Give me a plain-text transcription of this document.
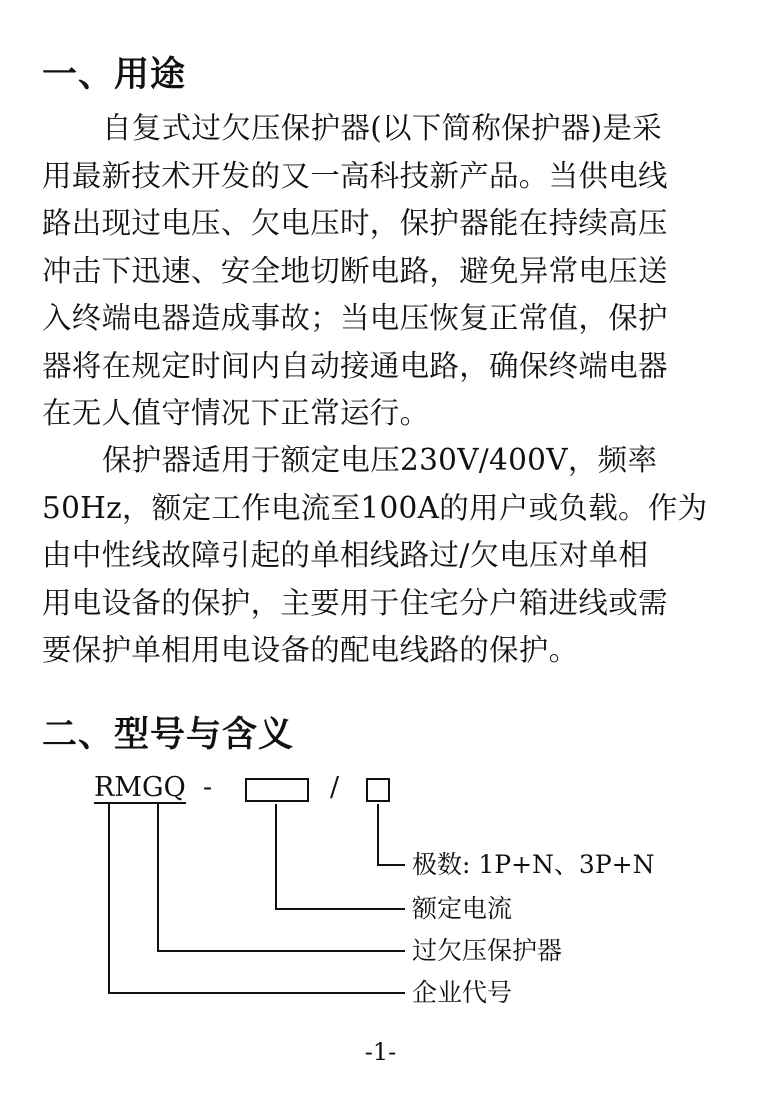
一、用途
自复式过欠压保护器(以下简称保护器)是采
用最新技术开发的又一高科技新产品。当供电线
路出现过电压、欠电压时，保护器能在持续高压
冲击下迅速、安全地切断电路，避免异常电压送
入终端电器造成事故；当电压恢复正常值，保护
器将在规定时间内自动接通电路，确保终端电器
在无人值守情况下正常运行。
保护器适用于额定电压230V/400V，频率
50Hz，额定工作电流至100A的用户或负载。作为
由中性线故障引起的单相线路过/欠电压对单相
用电设备的保护，主要用于住宅分户箱进线或需
要保护单相用电设备的配电线路的保护。
二、型号与含义
RM GQ -	/
极数: 1P+N、3P+N
额定电流
过欠压保护器
企业代号
-1-
